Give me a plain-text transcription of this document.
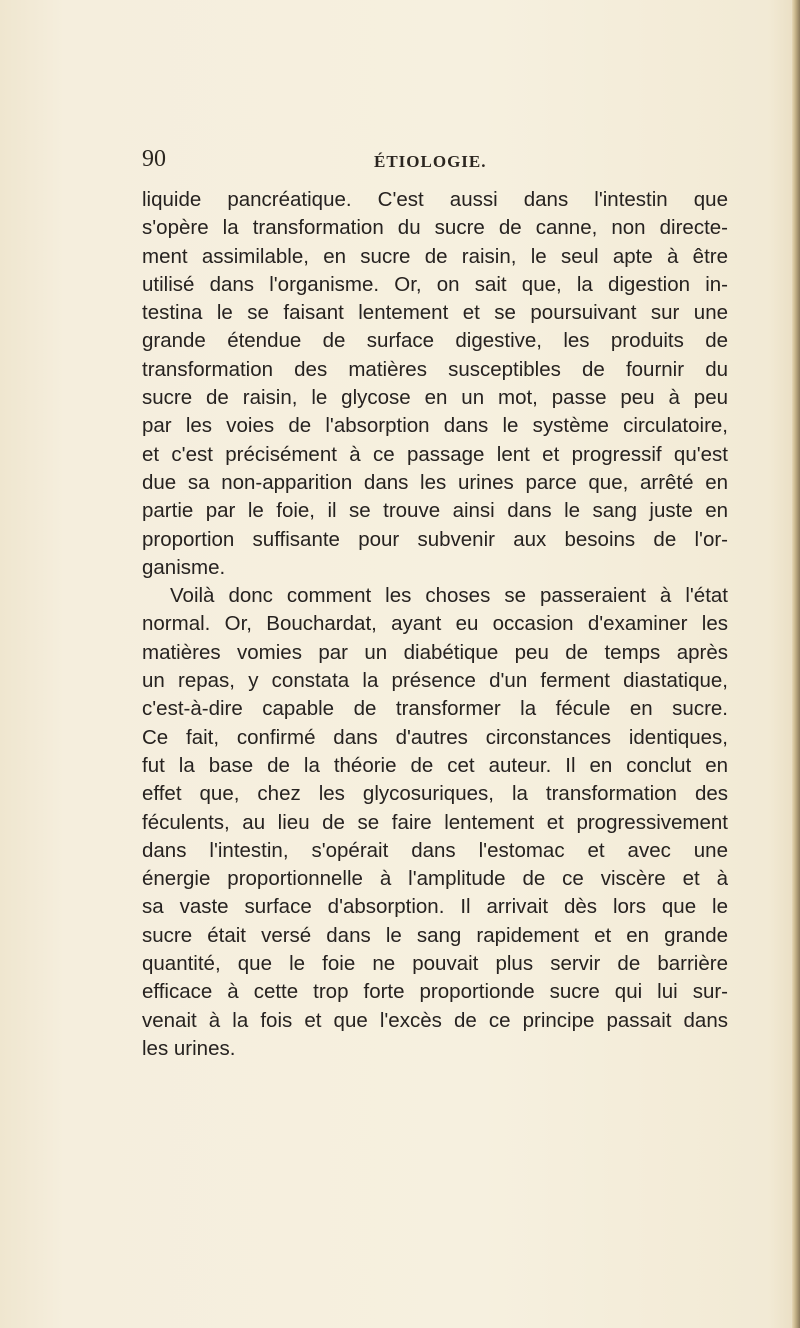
90	ÉTIOLOGIE.

liquide pancréatique. C'est aussi dans l'intestin que
s'opère la transformation du sucre de canne, non directe-
ment assimilable, en sucre de raisin, le seul apte à être
utilisé dans l'organisme. Or, on sait que, la digestion in-
testina le se faisant lentement et se poursuivant sur une
grande étendue de surface digestive, les produits de
transformation des matières susceptibles de fournir du
sucre de raisin, le glycose en un mot, passe peu à peu
par les voies de l'absorption dans le système circulatoire,
et c'est précisément à ce passage lent et progressif qu'est
due sa non-apparition dans les urines parce que, arrêté en
partie par le foie, il se trouve ainsi dans le sang juste en
proportion suffisante pour subvenir aux besoins de l'or-
ganisme.

Voilà donc comment les choses se passeraient à l'état
normal. Or, Bouchardat, ayant eu occasion d'examiner les
matières vomies par un diabétique peu de temps après
un repas, y constata la présence d'un ferment diastatique,
c'est-à-dire capable de transformer la fécule en sucre.
Ce fait, confirmé dans d'autres circonstances identiques,
fut la base de la théorie de cet auteur. Il en conclut en
effet que, chez les glycosuriques, la transformation des
féculents, au lieu de se faire lentement et progressivement
dans l'intestin, s'opérait dans l'estomac et avec une
énergie proportionnelle à l'amplitude de ce viscère et à
sa vaste surface d'absorption. Il arrivait dès lors que le
sucre était versé dans le sang rapidement et en grande
quantité, que le foie ne pouvait plus servir de barrière
efficace à cette trop forte proportionde sucre qui lui sur-
venait à la fois et que l'excès de ce principe passait dans
les urines.
